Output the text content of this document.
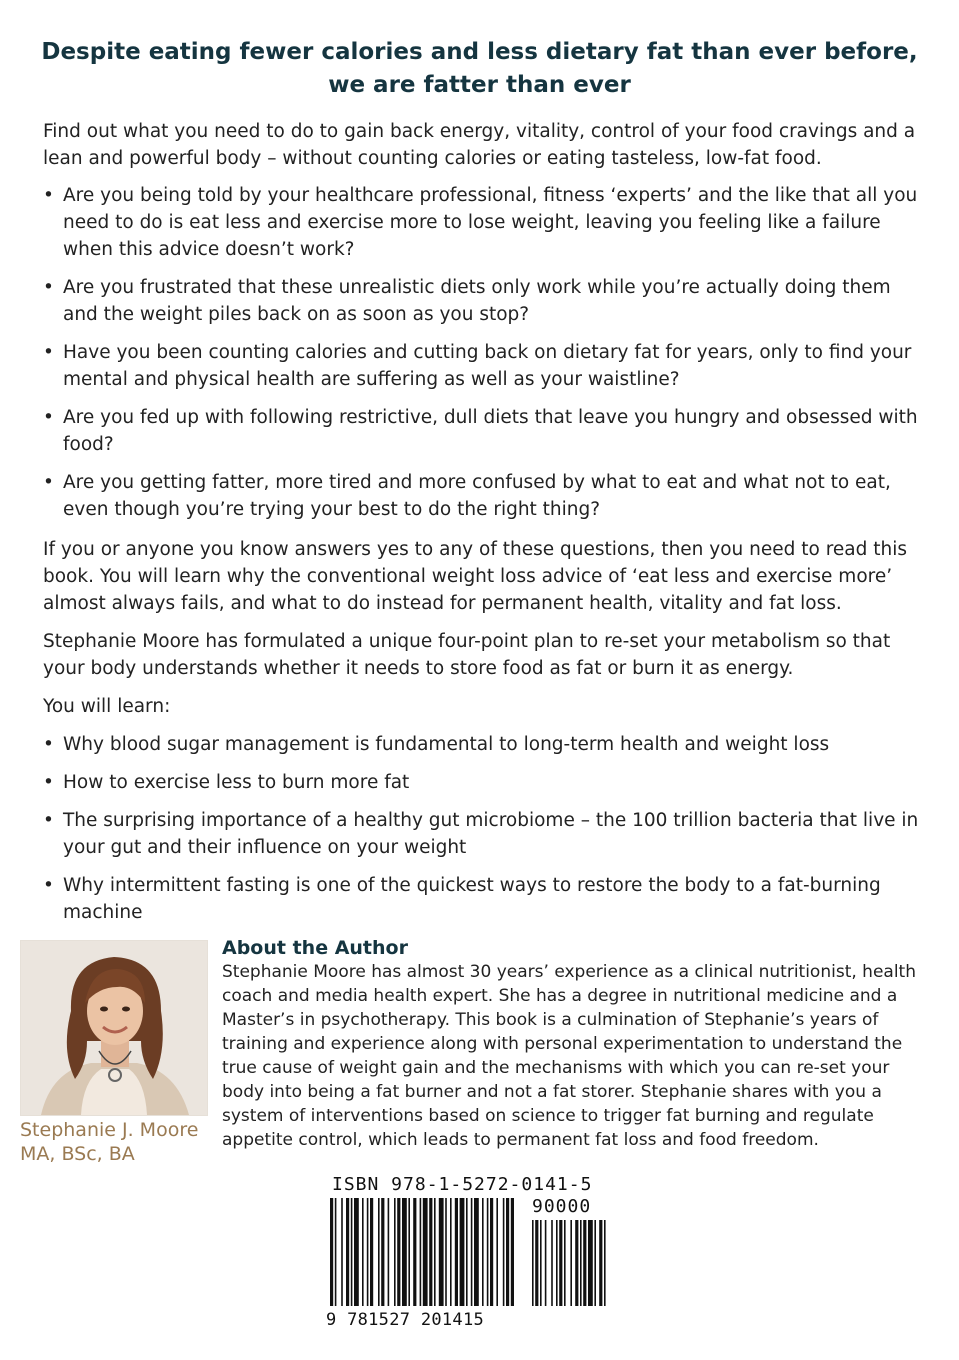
Despite eating fewer calories and less dietary fat than ever before, we are fatter than ever

Find out what you need to do to gain back energy, vitality, control of your food cravings and a lean and powerful body – without counting calories or eating tasteless, low-fat food.

• Are you being told by your healthcare professional, fitness ‘experts’ and the like that all you need to do is eat less and exercise more to lose weight, leaving you feeling like a failure when this advice doesn’t work?
• Are you frustrated that these unrealistic diets only work while you’re actually doing them and the weight piles back on as soon as you stop?
• Have you been counting calories and cutting back on dietary fat for years, only to find your mental and physical health are suffering as well as your waistline?
• Are you fed up with following restrictive, dull diets that leave you hungry and obsessed with food?
• Are you getting fatter, more tired and more confused by what to eat and what not to eat, even though you’re trying your best to do the right thing?

If you or anyone you know answers yes to any of these questions, then you need to read this book. You will learn why the conventional weight loss advice of ‘eat less and exercise more’ almost always fails, and what to do instead for permanent health, vitality and fat loss.

Stephanie Moore has formulated a unique four-point plan to re-set your metabolism so that your body understands whether it needs to store food as fat or burn it as energy.

You will learn:

• Why blood sugar management is fundamental to long-term health and weight loss
• How to exercise less to burn more fat
• The surprising importance of a healthy gut microbiome – the 100 trillion bacteria that live in your gut and their influence on your weight
• Why intermittent fasting is one of the quickest ways to restore the body to a fat-burning machine

Stephanie J. Moore
MA, BSc, BA

About the Author

Stephanie Moore has almost 30 years’ experience as a clinical nutritionist, health coach and media health expert. She has a degree in nutritional medicine and a Master’s in psychotherapy. This book is a culmination of Stephanie’s years of training and experience along with personal experimentation to understand the true cause of weight gain and the mechanisms with which you can re-set your body into being a fat burner and not a fat storer. Stephanie shares with you a system of interventions based on science to trigger fat burning and regulate appetite control, which leads to permanent fat loss and food freedom.

ISBN 978-1-5272-0141-5

90000

9 781527 201415
